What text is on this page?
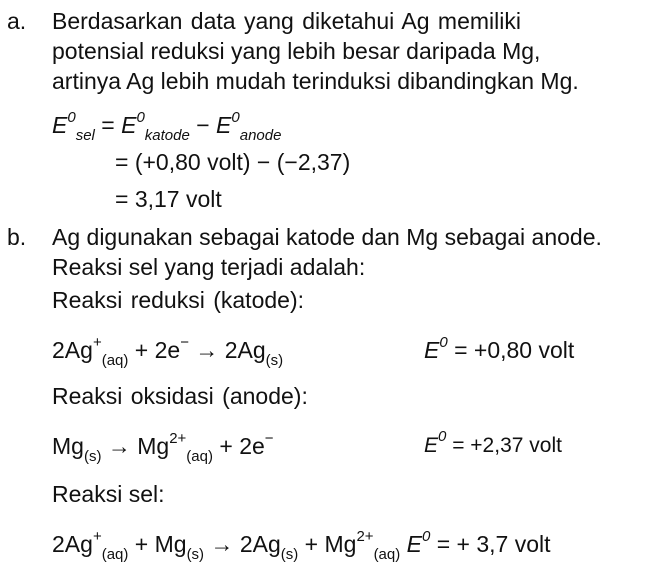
a. Berdasarkan data yang diketahui Ag memiliki
potensial reduksi yang lebih besar daripada Mg,
artinya Ag lebih mudah terinduksi dibandingkan Mg.
$E^0_{sel} = E^0_{katode} - E^0_{anode}$
= (+0,80 volt) − (−2,37)
= 3,17 volt
b. Ag digunakan sebagai katode dan Mg sebagai anode.
Reaksi sel yang terjadi adalah:
Reaksi reduksi (katode):
$2Ag^+_{(aq)} + 2e^- \to 2Ag_{(s)}$	$E^0 = +0,80$ volt
Reaksi oksidasi (anode):
$Mg_{(s)} \to Mg^{2+}_{(aq)} + 2e^-$	$E^0 = +2,37$ volt
Reaksi sel:
$2Ag^+_{(aq)} + Mg_{(s)} \to 2Ag_{(s)} + Mg^{2+}_{(aq)}$ $E^0$ = + 3,7 volt
